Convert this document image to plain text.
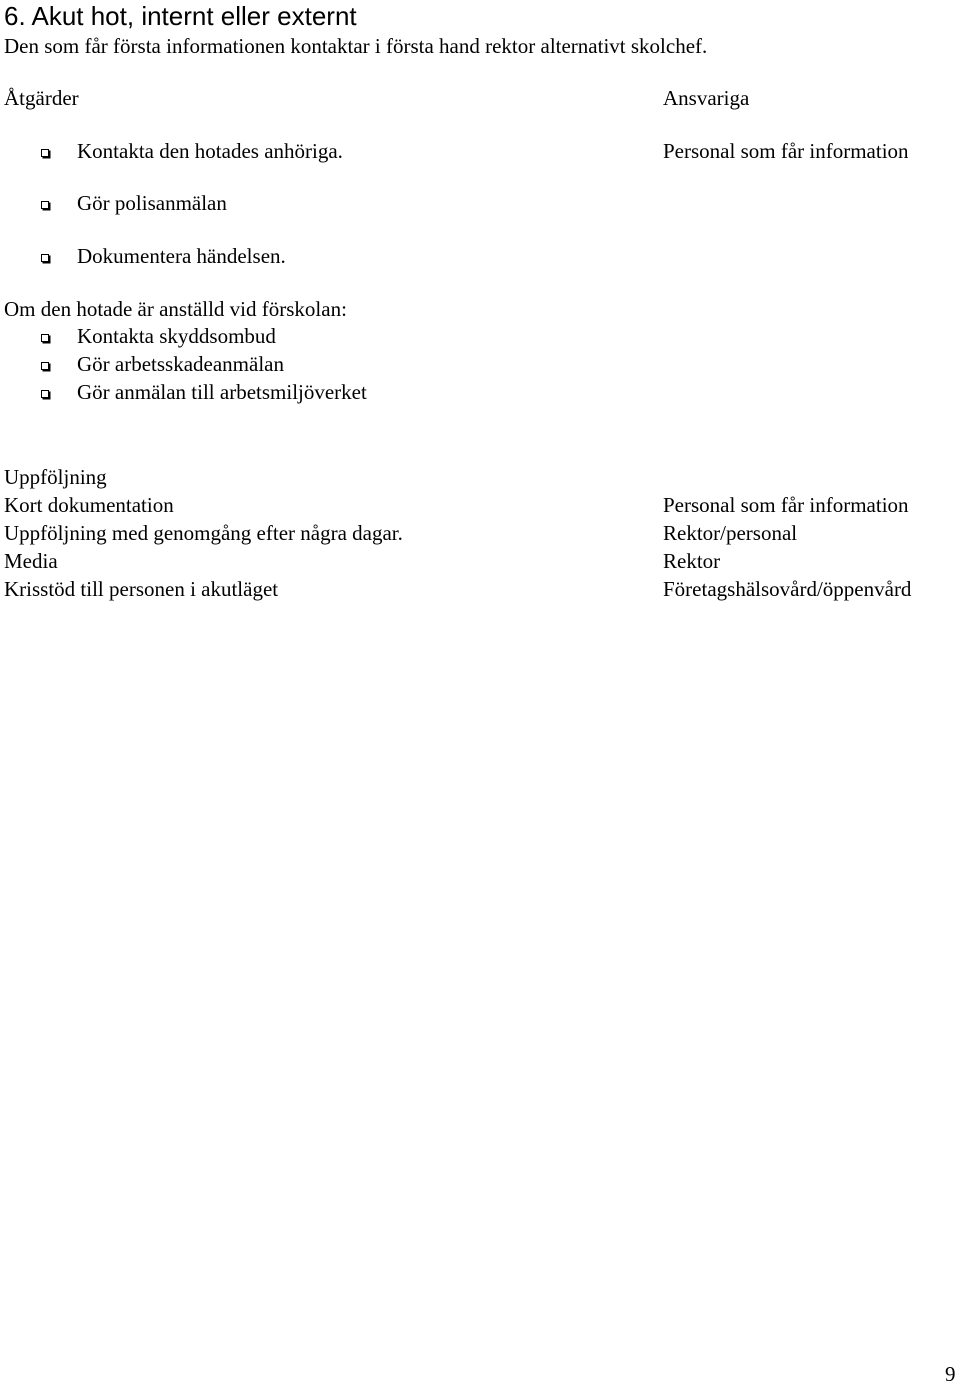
6. Akut hot, internt eller externt
Den som får första informationen kontaktar i första hand rektor alternativt skolchef.
Åtgärder	Ansvariga
Kontakta den hotades anhöriga.	Personal som får information
Gör polisanmälan
Dokumentera händelsen.
Om den hotade är anställd vid förskolan:
Kontakta skyddsombud
Gör arbetsskadeanmälan
Gör anmälan till arbetsmiljöverket
Uppföljning
Kort dokumentation	Personal som får information
Uppföljning med genomgång efter några dagar.	Rektor/personal
Media	Rektor
Krisstöd till personen i akutläget	Företagshälsovård/öppenvård
9
